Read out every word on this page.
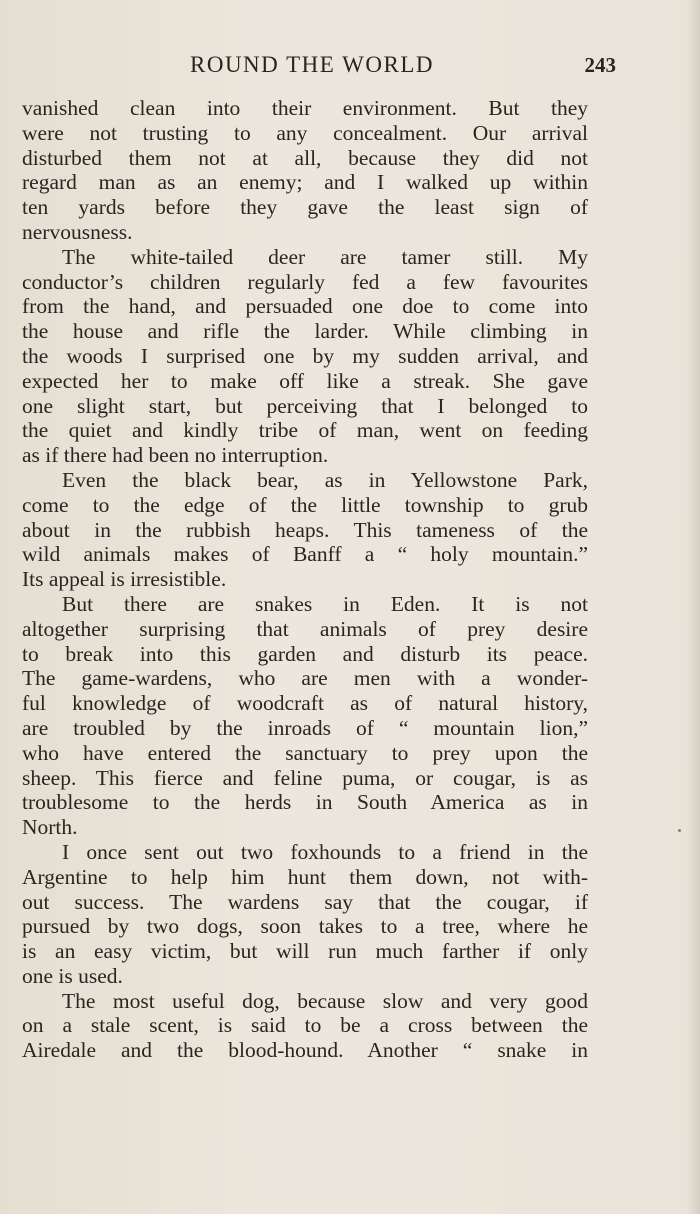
ROUND THE WORLD	243
vanished clean into their environment. But they
were not trusting to any concealment. Our arrival
disturbed them not at all, because they did not
regard man as an enemy; and I walked up within
ten yards before they gave the least sign of
nervousness.
The white-tailed deer are tamer still. My
conductor’s children regularly fed a few favourites
from the hand, and persuaded one doe to come into
the house and rifle the larder. While climbing in
the woods I surprised one by my sudden arrival, and
expected her to make off like a streak. She gave
one slight start, but perceiving that I belonged to
the quiet and kindly tribe of man, went on feeding
as if there had been no interruption.
Even the black bear, as in Yellowstone Park,
come to the edge of the little township to grub
about in the rubbish heaps. This tameness of the
wild animals makes of Banff a “ holy mountain.”
Its appeal is irresistible.
But there are snakes in Eden. It is not
altogether surprising that animals of prey desire
to break into this garden and disturb its peace.
The game-wardens, who are men with a wonder-
ful knowledge of woodcraft as of natural history,
are troubled by the inroads of “ mountain lion,”
who have entered the sanctuary to prey upon the
sheep. This fierce and feline puma, or cougar, is as
troublesome to the herds in South America as in
North.
I once sent out two foxhounds to a friend in the
Argentine to help him hunt them down, not with-
out success. The wardens say that the cougar, if
pursued by two dogs, soon takes to a tree, where he
is an easy victim, but will run much farther if only
one is used.
The most useful dog, because slow and very good
on a stale scent, is said to be a cross between the
Airedale and the blood-hound. Another “ snake in
